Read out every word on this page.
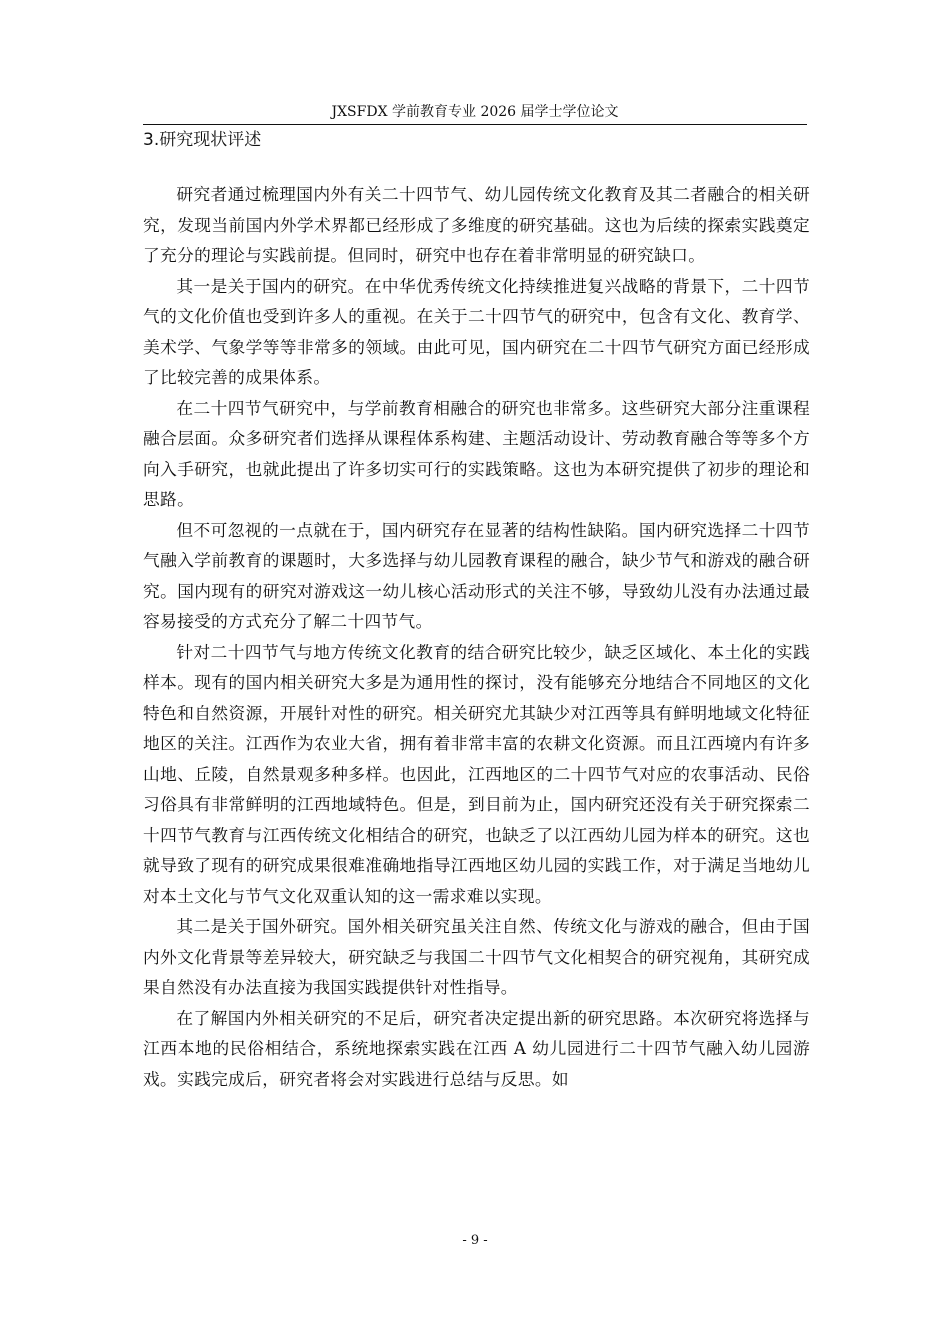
JXSFDX 学前教育专业 2026 届学士学位论文
3.研究现状评述

研究者通过梳理国内外有关二十四节气、幼儿园传统文化教育及其二者融合的相关研究，发现当前国内外学术界都已经形成了多维度的研究基础。这也为后续的探索实践奠定了充分的理论与实践前提。但同时，研究中也存在着非常明显的研究缺口。

其一是关于国内的研究。在中华优秀传统文化持续推进复兴战略的背景下，二十四节气的文化价值也受到许多人的重视。在关于二十四节气的研究中，包含有文化、教育学、美术学、气象学等等非常多的领域。由此可见，国内研究在二十四节气研究方面已经形成了比较完善的成果体系。

在二十四节气研究中，与学前教育相融合的研究也非常多。这些研究大部分注重课程融合层面。众多研究者们选择从课程体系构建、主题活动设计、劳动教育融合等等多个方向入手研究，也就此提出了许多切实可行的实践策略。这也为本研究提供了初步的理论和思路。

但不可忽视的一点就在于，国内研究存在显著的结构性缺陷。国内研究选择二十四节气融入学前教育的课题时，大多选择与幼儿园教育课程的融合，缺少节气和游戏的融合研究。国内现有的研究对游戏这一幼儿核心活动形式的关注不够，导致幼儿没有办法通过最容易接受的方式充分了解二十四节气。

针对二十四节气与地方传统文化教育的结合研究比较少，缺乏区域化、本土化的实践样本。现有的国内相关研究大多是为通用性的探讨，没有能够充分地结合不同地区的文化特色和自然资源，开展针对性的研究。相关研究尤其缺少对江西等具有鲜明地域文化特征地区的关注。江西作为农业大省，拥有着非常丰富的农耕文化资源。而且江西境内有许多山地、丘陵，自然景观多种多样。也因此，江西地区的二十四节气对应的农事活动、民俗习俗具有非常鲜明的江西地域特色。但是，到目前为止，国内研究还没有关于研究探索二十四节气教育与江西传统文化相结合的研究，也缺乏了以江西幼儿园为样本的研究。这也就导致了现有的研究成果很难准确地指导江西地区幼儿园的实践工作，对于满足当地幼儿对本土文化与节气文化双重认知的这一需求难以实现。

其二是关于国外研究。国外相关研究虽关注自然、传统文化与游戏的融合，但由于国内外文化背景等差异较大，研究缺乏与我国二十四节气文化相契合的研究视角，其研究成果自然没有办法直接为我国实践提供针对性指导。

在了解国内外相关研究的不足后，研究者决定提出新的研究思路。本次研究将选择与江西本地的民俗相结合，系统地探索实践在江西 A 幼儿园进行二十四节气融入幼儿园游戏。实践完成后，研究者将会对实践进行总结与反思。如

- 9 -
